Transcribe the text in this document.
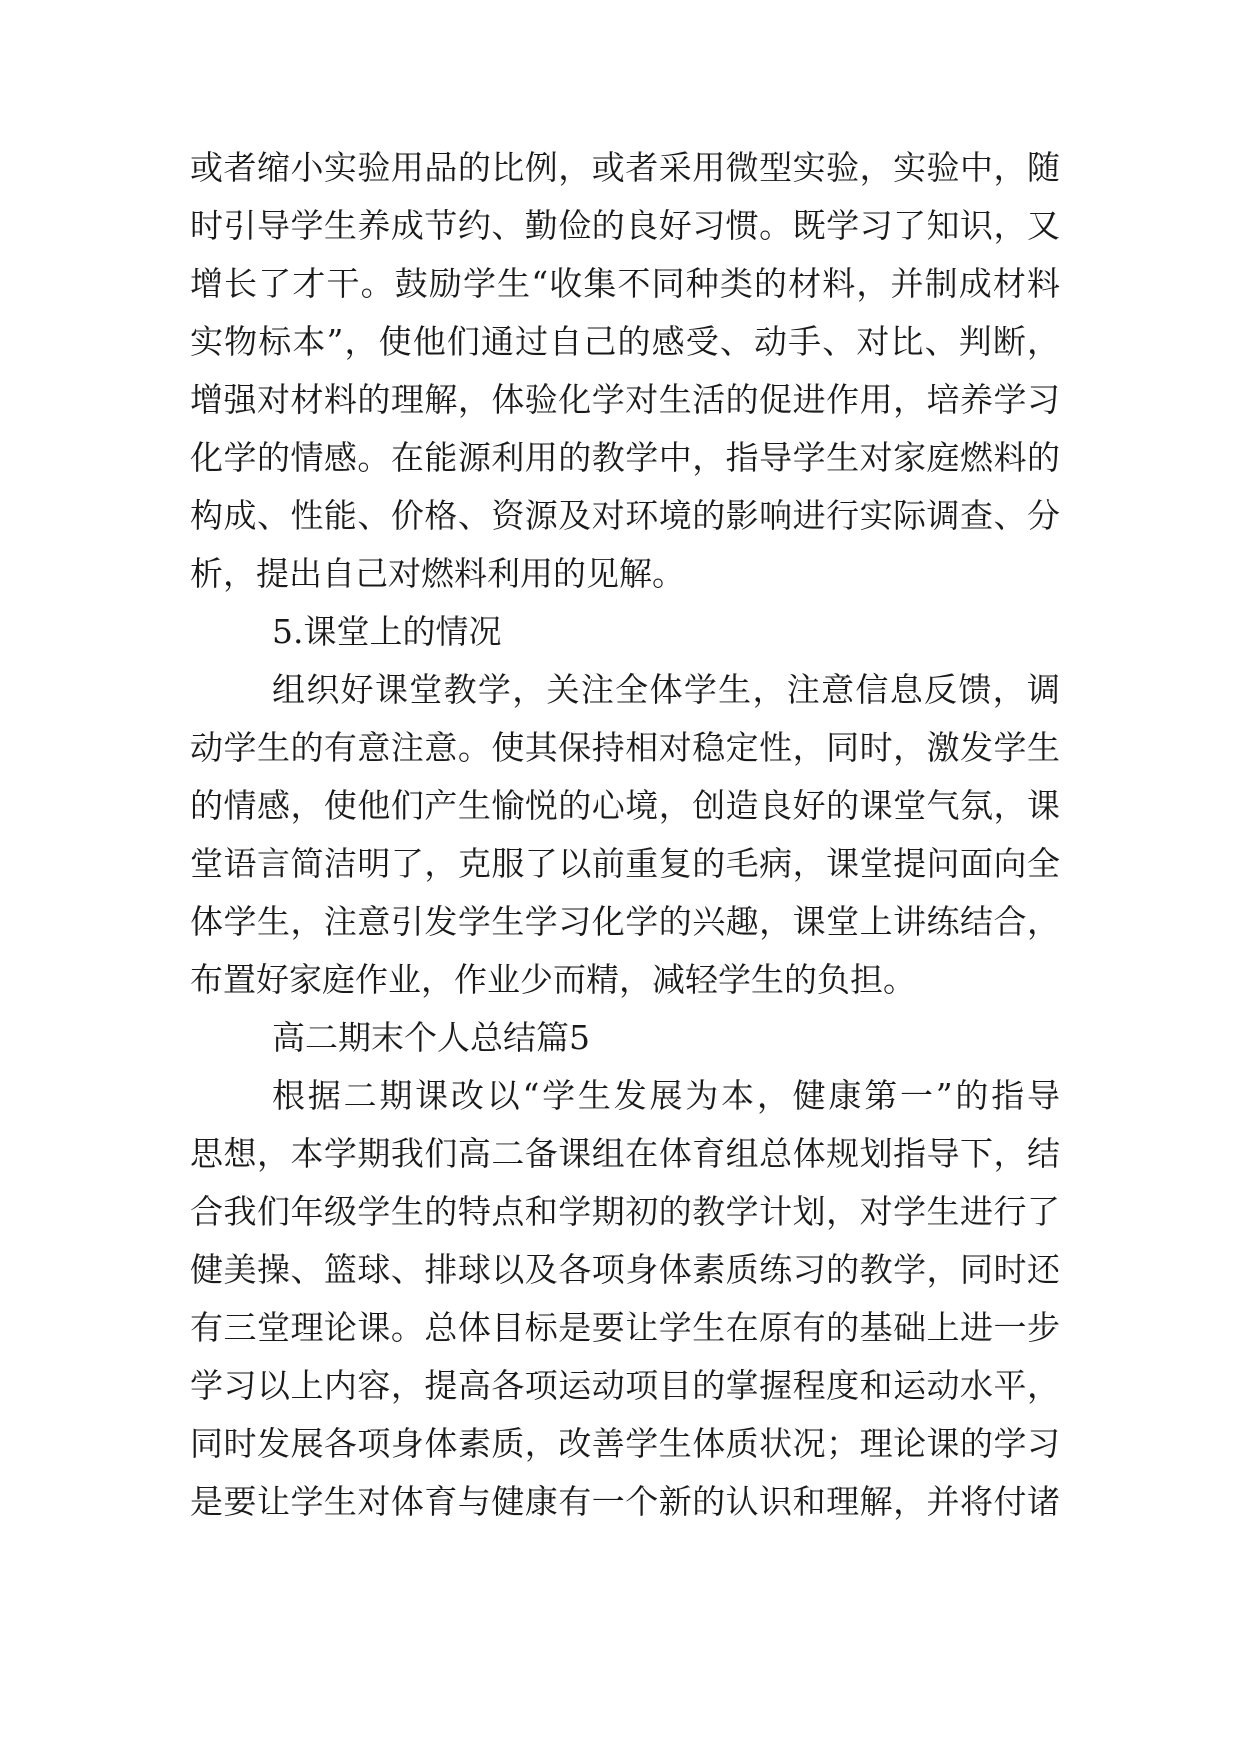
或者缩小实验用品的比例，或者采用微型实验，实验中，随
时引导学生养成节约、勤俭的良好习惯。既学习了知识，又
增长了才干。鼓励学生“收集不同种类的材料，并制成材料
实物标本”，使他们通过自己的感受、动手、对比、判断，
增强对材料的理解，体验化学对生活的促进作用，培养学习
化学的情感。在能源利用的教学中，指导学生对家庭燃料的
构成、性能、价格、资源及对环境的影响进行实际调查、分
析，提出自己对燃料利用的见解。
5.课堂上的情况
组织好课堂教学，关注全体学生，注意信息反馈，调
动学生的有意注意。使其保持相对稳定性，同时，激发学生
的情感，使他们产生愉悦的心境，创造良好的课堂气氛，课
堂语言简洁明了，克服了以前重复的毛病，课堂提问面向全
体学生，注意引发学生学习化学的兴趣，课堂上讲练结合，
布置好家庭作业，作业少而精，减轻学生的负担。
高二期末个人总结篇5
根据二期课改以“学生发展为本，健康第一”的指导
思想，本学期我们高二备课组在体育组总体规划指导下，结
合我们年级学生的特点和学期初的教学计划，对学生进行了
健美操、篮球、排球以及各项身体素质练习的教学，同时还
有三堂理论课。总体目标是要让学生在原有的基础上进一步
学习以上内容，提高各项运动项目的掌握程度和运动水平，
同时发展各项身体素质，改善学生体质状况；理论课的学习
是要让学生对体育与健康有一个新的认识和理解，并将付诸
